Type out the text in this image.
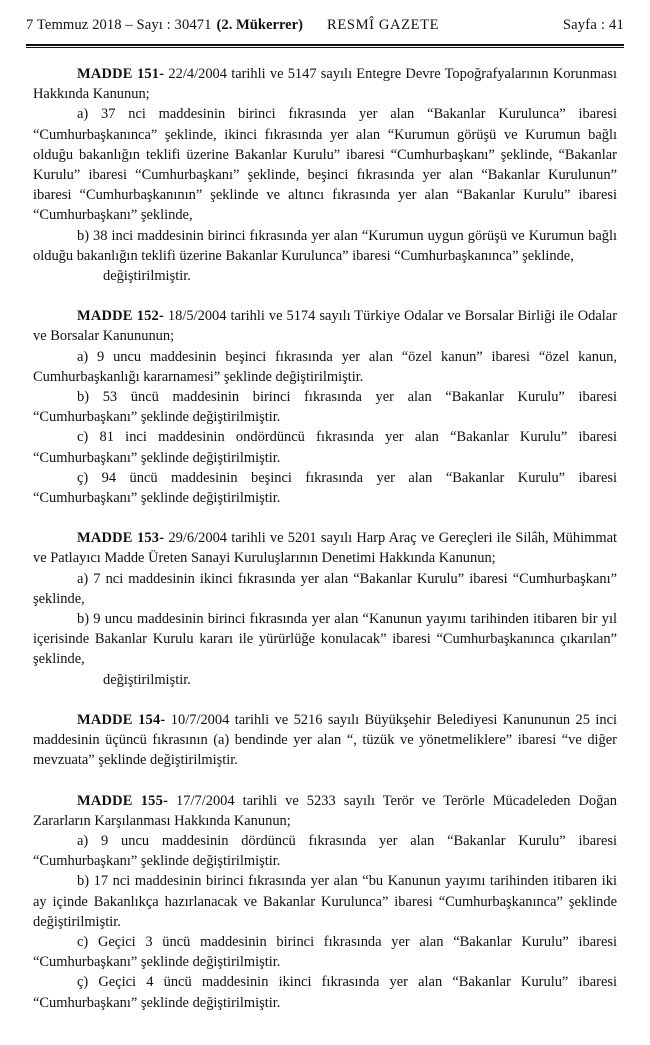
7 Temmuz 2018 – Sayı : 30471 (2. Mükerrer) RESMÎ GAZETE	Sayfa : 41

MADDE 151- 22/4/2004 tarihli ve 5147 sayılı Entegre Devre Topoğrafyalarının Korunması Hakkında Kanunun;

a) 37 nci maddesinin birinci fıkrasında yer alan “Bakanlar Kurulunca” ibaresi “Cumhurbaşkanınca” şeklinde, ikinci fıkrasında yer alan “Kurumun görüşü ve Kurumun bağlı olduğu bakanlığın teklifi üzerine Bakanlar Kurulu” ibaresi “Cumhurbaşkanı” şeklinde, “Bakanlar Kurulu” ibaresi “Cumhurbaşkanı” şeklinde, beşinci fıkrasında yer alan “Bakanlar Kurulunun” ibaresi “Cumhurbaşkanının” şeklinde ve altıncı fıkrasında yer alan “Bakanlar Kurulu” ibaresi “Cumhurbaşkanı” şeklinde,

b) 38 inci maddesinin birinci fıkrasında yer alan “Kurumun uygun görüşü ve Kurumun bağlı olduğu bakanlığın teklifi üzerine Bakanlar Kurulunca” ibaresi “Cumhurbaşkanınca” şeklinde,

değiştirilmiştir.

MADDE 152- 18/5/2004 tarihli ve 5174 sayılı Türkiye Odalar ve Borsalar Birliği ile Odalar ve Borsalar Kanununun;

a) 9 uncu maddesinin beşinci fıkrasında yer alan “özel kanun” ibaresi “özel kanun, Cumhurbaşkanlığı kararnamesi” şeklinde değiştirilmiştir.

b) 53 üncü maddesinin birinci fıkrasında yer alan “Bakanlar Kurulu” ibaresi “Cumhurbaşkanı” şeklinde değiştirilmiştir.

c) 81 inci maddesinin ondördüncü fıkrasında yer alan “Bakanlar Kurulu” ibaresi “Cumhurbaşkanı” şeklinde değiştirilmiştir.

ç) 94 üncü maddesinin beşinci fıkrasında yer alan “Bakanlar Kurulu” ibaresi “Cumhurbaşkanı” şeklinde değiştirilmiştir.

MADDE 153- 29/6/2004 tarihli ve 5201 sayılı Harp Araç ve Gereçleri ile Silâh, Mühimmat ve Patlayıcı Madde Üreten Sanayi Kuruluşlarının Denetimi Hakkında Kanunun;

a) 7 nci maddesinin ikinci fıkrasında yer alan “Bakanlar Kurulu” ibaresi “Cumhurbaşkanı” şeklinde,

b) 9 uncu maddesinin birinci fıkrasında yer alan “Kanunun yayımı tarihinden itibaren bir yıl içerisinde Bakanlar Kurulu kararı ile yürürlüğe konulacak” ibaresi “Cumhurbaşkanınca çıkarılan” şeklinde,

değiştirilmiştir.

MADDE 154- 10/7/2004 tarihli ve 5216 sayılı Büyükşehir Belediyesi Kanununun 25 inci maddesinin üçüncü fıkrasının (a) bendinde yer alan “, tüzük ve yönetmeliklere” ibaresi “ve diğer mevzuata” şeklinde değiştirilmiştir.

MADDE 155- 17/7/2004 tarihli ve 5233 sayılı Terör ve Terörle Mücadeleden Doğan Zararların Karşılanması Hakkında Kanunun;

a) 9 uncu maddesinin dördüncü fıkrasında yer alan “Bakanlar Kurulu” ibaresi “Cumhurbaşkanı” şeklinde değiştirilmiştir.

b) 17 nci maddesinin birinci fıkrasında yer alan “bu Kanunun yayımı tarihinden itibaren iki ay içinde Bakanlıkça hazırlanacak ve Bakanlar Kurulunca” ibaresi “Cumhurbaşkanınca” şeklinde değiştirilmiştir.

c) Geçici 3 üncü maddesinin birinci fıkrasında yer alan “Bakanlar Kurulu” ibaresi “Cumhurbaşkanı” şeklinde değiştirilmiştir.

ç) Geçici 4 üncü maddesinin ikinci fıkrasında yer alan “Bakanlar Kurulu” ibaresi “Cumhurbaşkanı” şeklinde değiştirilmiştir.
